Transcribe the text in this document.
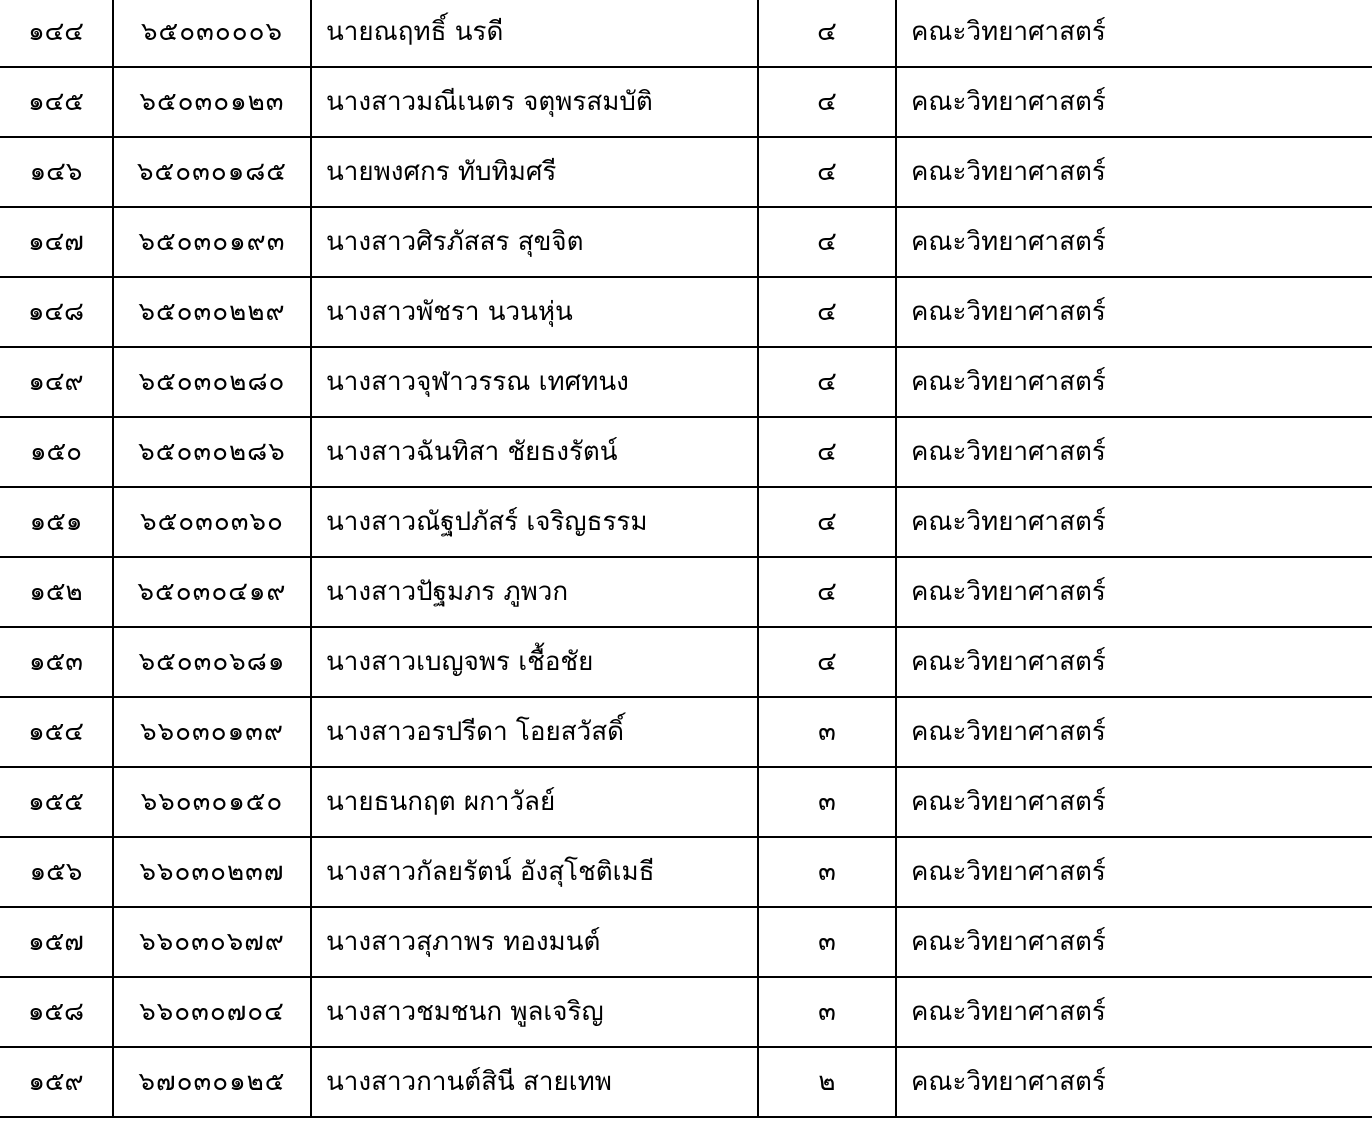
๑๔๔	๖๕๐๓๐๐๐๖	นายณฤทธิ์ นรดี	๔	คณะวิทยาศาสตร์
๑๔๕	๖๕๐๓๐๑๒๓	นางสาวมณีเนตร จตุพรสมบัติ	๔	คณะวิทยาศาสตร์
๑๔๖	๖๕๐๓๐๑๘๕	นายพงศกร ทับทิมศรี	๔	คณะวิทยาศาสตร์
๑๔๗	๖๕๐๓๐๑๙๓	นางสาวศิรภัสสร สุขจิต	๔	คณะวิทยาศาสตร์
๑๔๘	๖๕๐๓๐๒๒๙	นางสาวพัชรา นวนหุ่น	๔	คณะวิทยาศาสตร์
๑๔๙	๖๕๐๓๐๒๘๐	นางสาวจุฬาวรรณ เทศทนง	๔	คณะวิทยาศาสตร์
๑๕๐	๖๕๐๓๐๒๘๖	นางสาวฉันทิสา ชัยธงรัตน์	๔	คณะวิทยาศาสตร์
๑๕๑	๖๕๐๓๐๓๖๐	นางสาวณัฐปภัสร์ เจริญธรรม	๔	คณะวิทยาศาสตร์
๑๕๒	๖๕๐๓๐๔๑๙	นางสาวปัฐมภร ภูพวก	๔	คณะวิทยาศาสตร์
๑๕๓	๖๕๐๓๐๖๘๑	นางสาวเบญจพร เชื้อชัย	๔	คณะวิทยาศาสตร์
๑๕๔	๖๖๐๓๐๑๓๙	นางสาวอรปรีดา โอยสวัสดิ์	๓	คณะวิทยาศาสตร์
๑๕๕	๖๖๐๓๐๑๕๐	นายธนกฤต ผกาวัลย์	๓	คณะวิทยาศาสตร์
๑๕๖	๖๖๐๓๐๒๓๗	นางสาวกัลยรัตน์ อังสุโชติเมธี	๓	คณะวิทยาศาสตร์
๑๕๗	๖๖๐๓๐๖๗๙	นางสาวสุภาพร ทองมนต์	๓	คณะวิทยาศาสตร์
๑๕๘	๖๖๐๓๐๗๐๔	นางสาวชมชนก พูลเจริญ	๓	คณะวิทยาศาสตร์
๑๕๙	๖๗๐๓๐๑๒๕	นางสาวกานต์สินี สายเทพ	๒	คณะวิทยาศาสตร์
